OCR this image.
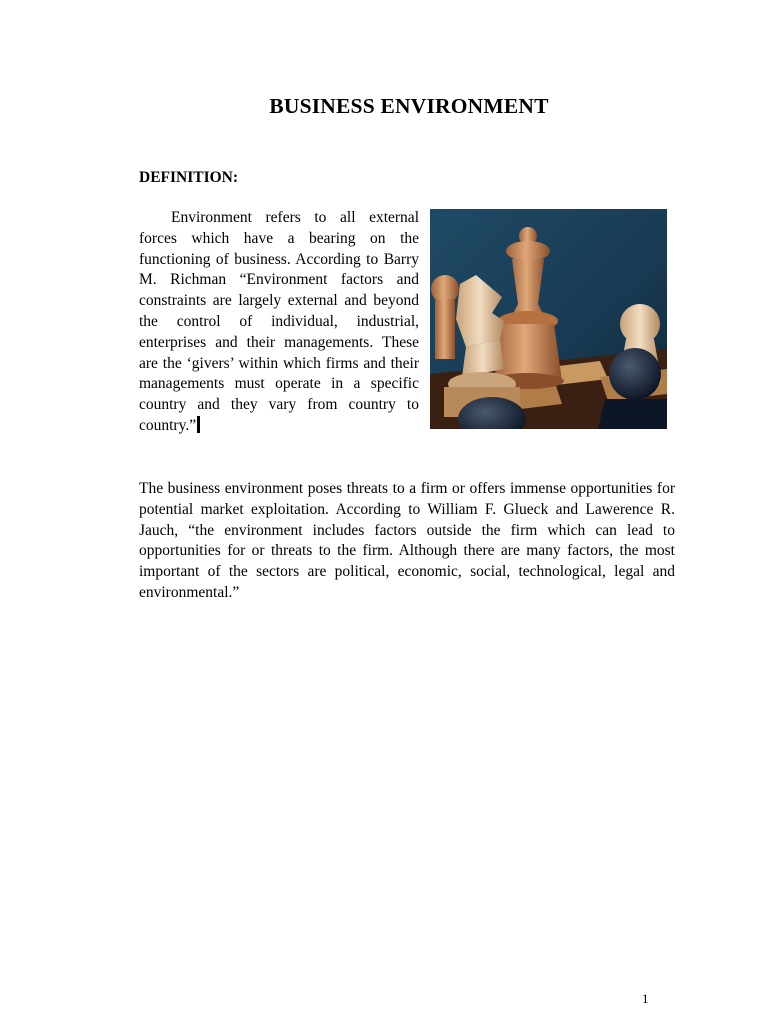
BUSINESS ENVIRONMENT
DEFINITION:
Environment refers to all external forces which have a bearing on the functioning of business. According to Barry M. Richman “Environment factors and constraints are largely external and beyond the control of individual, industrial, enterprises and their managements. These are the ‘givers’ within which firms and their managements must operate in a specific country and they vary from country to country.”
The business environment poses threats to a firm or offers immense opportunities for potential market exploitation. According to William F. Glueck and Lawerence R. Jauch, “the environment includes factors outside the firm which can lead to opportunities for or threats to the firm. Although there are many factors, the most important of the sectors are political, economic, social, technological, legal and environmental.”
1
